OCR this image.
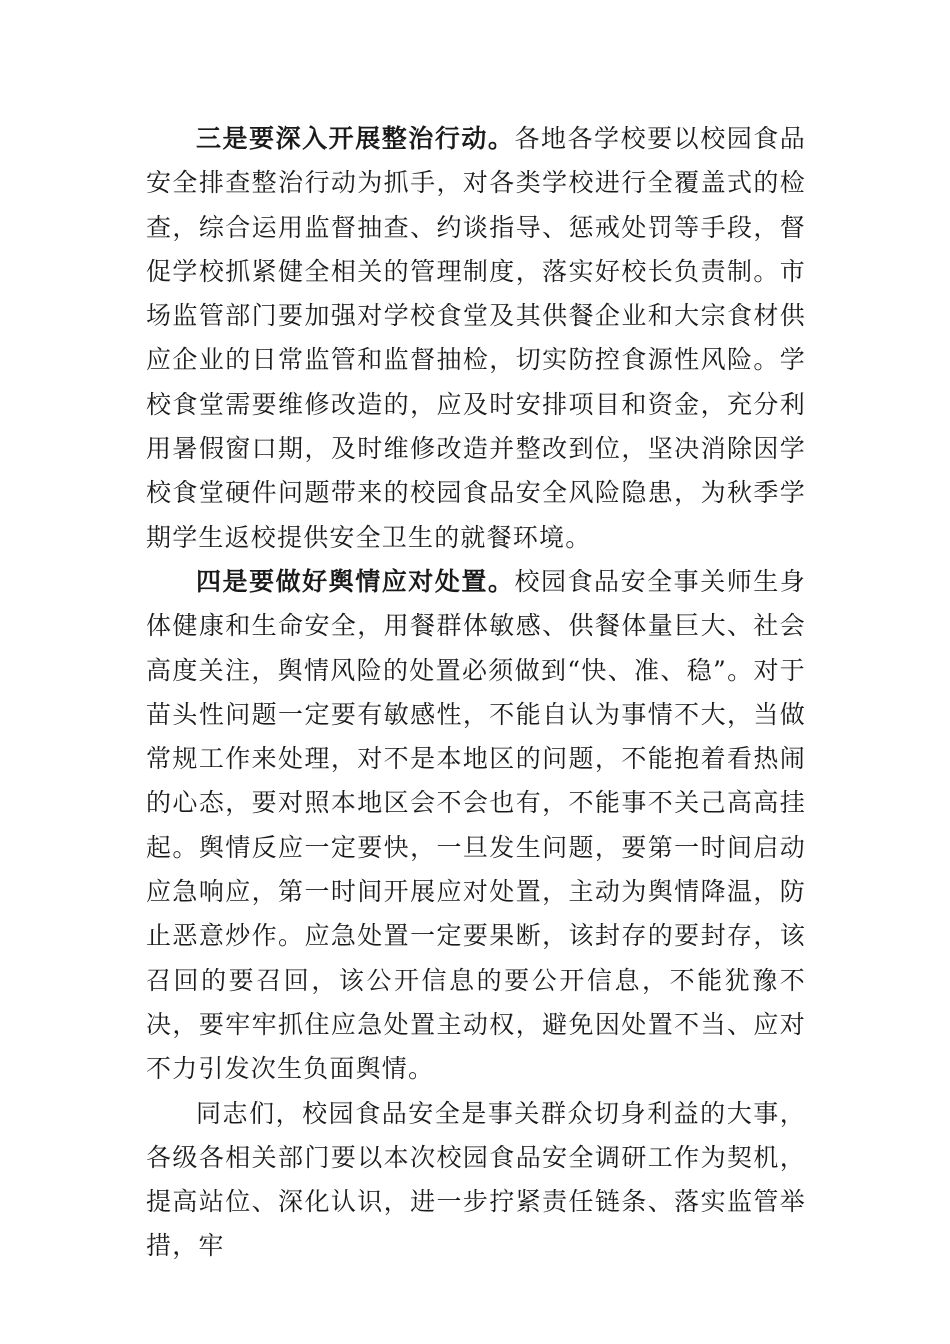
三是要深入开展整治行动。各地各学校要以校园食品安全排查整治行动为抓手，对各类学校进行全覆盖式的检查，综合运用监督抽查、约谈指导、惩戒处罚等手段，督促学校抓紧健全相关的管理制度，落实好校长负责制。市场监管部门要加强对学校食堂及其供餐企业和大宗食材供应企业的日常监管和监督抽检，切实防控食源性风险。学校食堂需要维修改造的，应及时安排项目和资金，充分利用暑假窗口期，及时维修改造并整改到位，坚决消除因学校食堂硬件问题带来的校园食品安全风险隐患，为秋季学期学生返校提供安全卫生的就餐环境。

四是要做好舆情应对处置。校园食品安全事关师生身体健康和生命安全，用餐群体敏感、供餐体量巨大、社会高度关注，舆情风险的处置必须做到“快、准、稳”。对于苗头性问题一定要有敏感性，不能自认为事情不大，当做常规工作来处理，对不是本地区的问题，不能抱着看热闹的心态，要对照本地区会不会也有，不能事不关己高高挂起。舆情反应一定要快，一旦发生问题，要第一时间启动应急响应，第一时间开展应对处置，主动为舆情降温，防止恶意炒作。应急处置一定要果断，该封存的要封存，该召回的要召回，该公开信息的要公开信息，不能犹豫不决，要牢牢抓住应急处置主动权，避免因处置不当、应对不力引发次生负面舆情。

同志们，校园食品安全是事关群众切身利益的大事，各级各相关部门要以本次校园食品安全调研工作为契机，提高站位、深化认识，进一步拧紧责任链条、落实监管举措，牢
